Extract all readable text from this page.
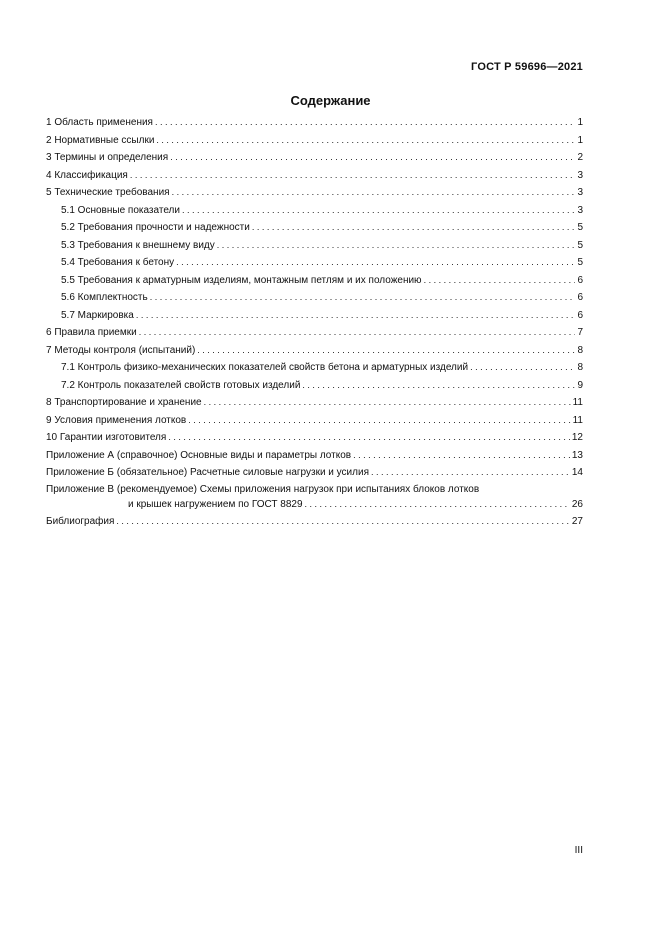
ГОСТ Р 59696—2021
Содержание
1 Область применения . . .	1
2 Нормативные ссылки . . .	1
3 Термины и определения . . .	2
4 Классификация . . .	3
5 Технические требования . . .	3
5.1 Основные показатели . . .	3
5.2 Требования прочности и надежности . . .	5
5.3 Требования к внешнему виду . . .	5
5.4 Требования к бетону . . .	5
5.5 Требования к арматурным изделиям, монтажным петлям и их положению . . .	6
5.6 Комплектность . . .	6
5.7 Маркировка . . .	6
6 Правила приемки . . .	7
7 Методы контроля (испытаний) . . .	8
7.1 Контроль физико-механических показателей свойств бетона и арматурных изделий . . .	8
7.2 Контроль показателей свойств готовых изделий . . .	9
8 Транспортирование и хранение . . .	11
9 Условия применения лотков . . .	11
10 Гарантии изготовителя . . .	12
Приложение А (справочное) Основные виды и параметры лотков . . .	13
Приложение Б (обязательное) Расчетные силовые нагрузки и усилия . . .	14
Приложение В (рекомендуемое) Схемы приложения нагрузок при испытаниях блоков лотков
и крышек нагружением по ГОСТ 8829 . . .	26
Библиография . . .	27
III
